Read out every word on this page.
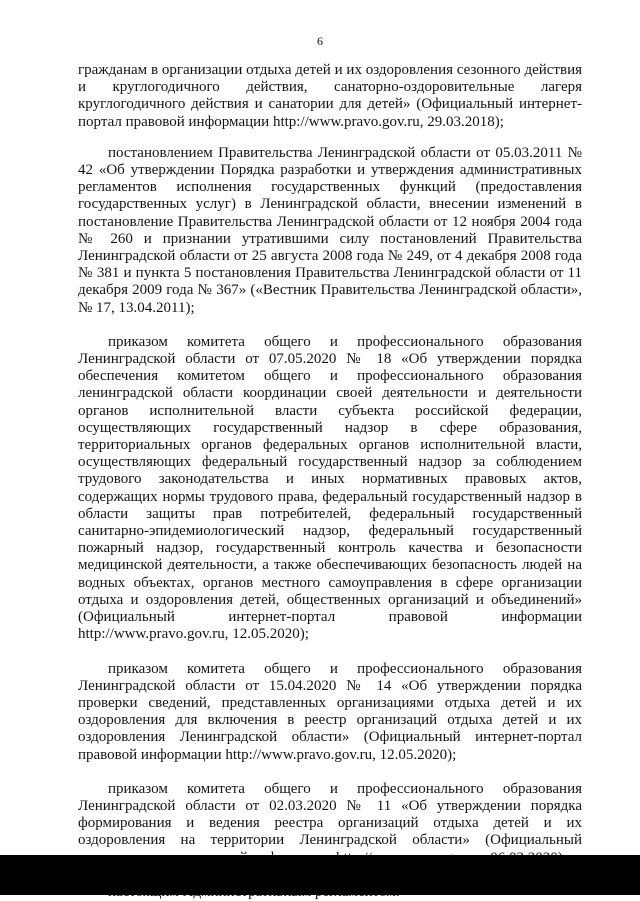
6

гражданам в организации отдыха детей и их оздоровления сезонного действия и круглогодичного действия, санаторно-оздоровительные лагеря круглогодичного действия и санатории для детей» (Официальный интернет-портал правовой информации http://www.pravo.gov.ru, 29.03.2018);

постановлением Правительства Ленинградской области от 05.03.2011 № 42 «Об утверждении Порядка разработки и утверждения административных регламентов исполнения государственных функций (предоставления государственных услуг) в Ленинградской области, внесении изменений в постановление Правительства Ленинградской области от 12 ноября 2004 года № 260 и признании утратившими силу постановлений Правительства Ленинградской области от 25 августа 2008 года № 249, от 4 декабря 2008 года № 381 и пункта 5 постановления Правительства Ленинградской области от 11 декабря 2009 года № 367» («Вестник Правительства Ленинградской области», № 17, 13.04.2011);

приказом комитета общего и профессионального образования Ленинградской области от 07.05.2020 № 18 «Об утверждении порядка обеспечения комитетом общего и профессионального образования ленинградской области координации своей деятельности и деятельности органов исполнительной власти субъекта российской федерации, осуществляющих государственный надзор в сфере образования, территориальных органов федеральных органов исполнительной власти, осуществляющих федеральный государственный надзор за соблюдением трудового законодательства и иных нормативных правовых актов, содержащих нормы трудового права, федеральный государственный надзор в области защиты прав потребителей, федеральный государственный санитарно-эпидемиологический надзор, федеральный государственный пожарный надзор, государственный контроль качества и безопасности медицинской деятельности, а также обеспечивающих безопасность людей на водных объектах, органов местного самоуправления в сфере организации отдыха и оздоровления детей, общественных организаций и объединений» (Официальный интернет-портал правовой информации http://www.pravo.gov.ru, 12.05.2020);

приказом комитета общего и профессионального образования Ленинградской области от 15.04.2020 № 14 «Об утверждении порядка проверки сведений, представленных организациями отдыха детей и их оздоровления для включения в реестр организаций отдыха детей и их оздоровления Ленинградской области» (Официальный интернет-портал правовой информации http://www.pravo.gov.ru, 12.05.2020);

приказом комитета общего и профессионального образования Ленинградской области от 02.03.2020 № 11 «Об утверждении порядка формирования и ведения реестра организаций отдыха детей и их оздоровления на территории Ленинградской области» (Официальный
